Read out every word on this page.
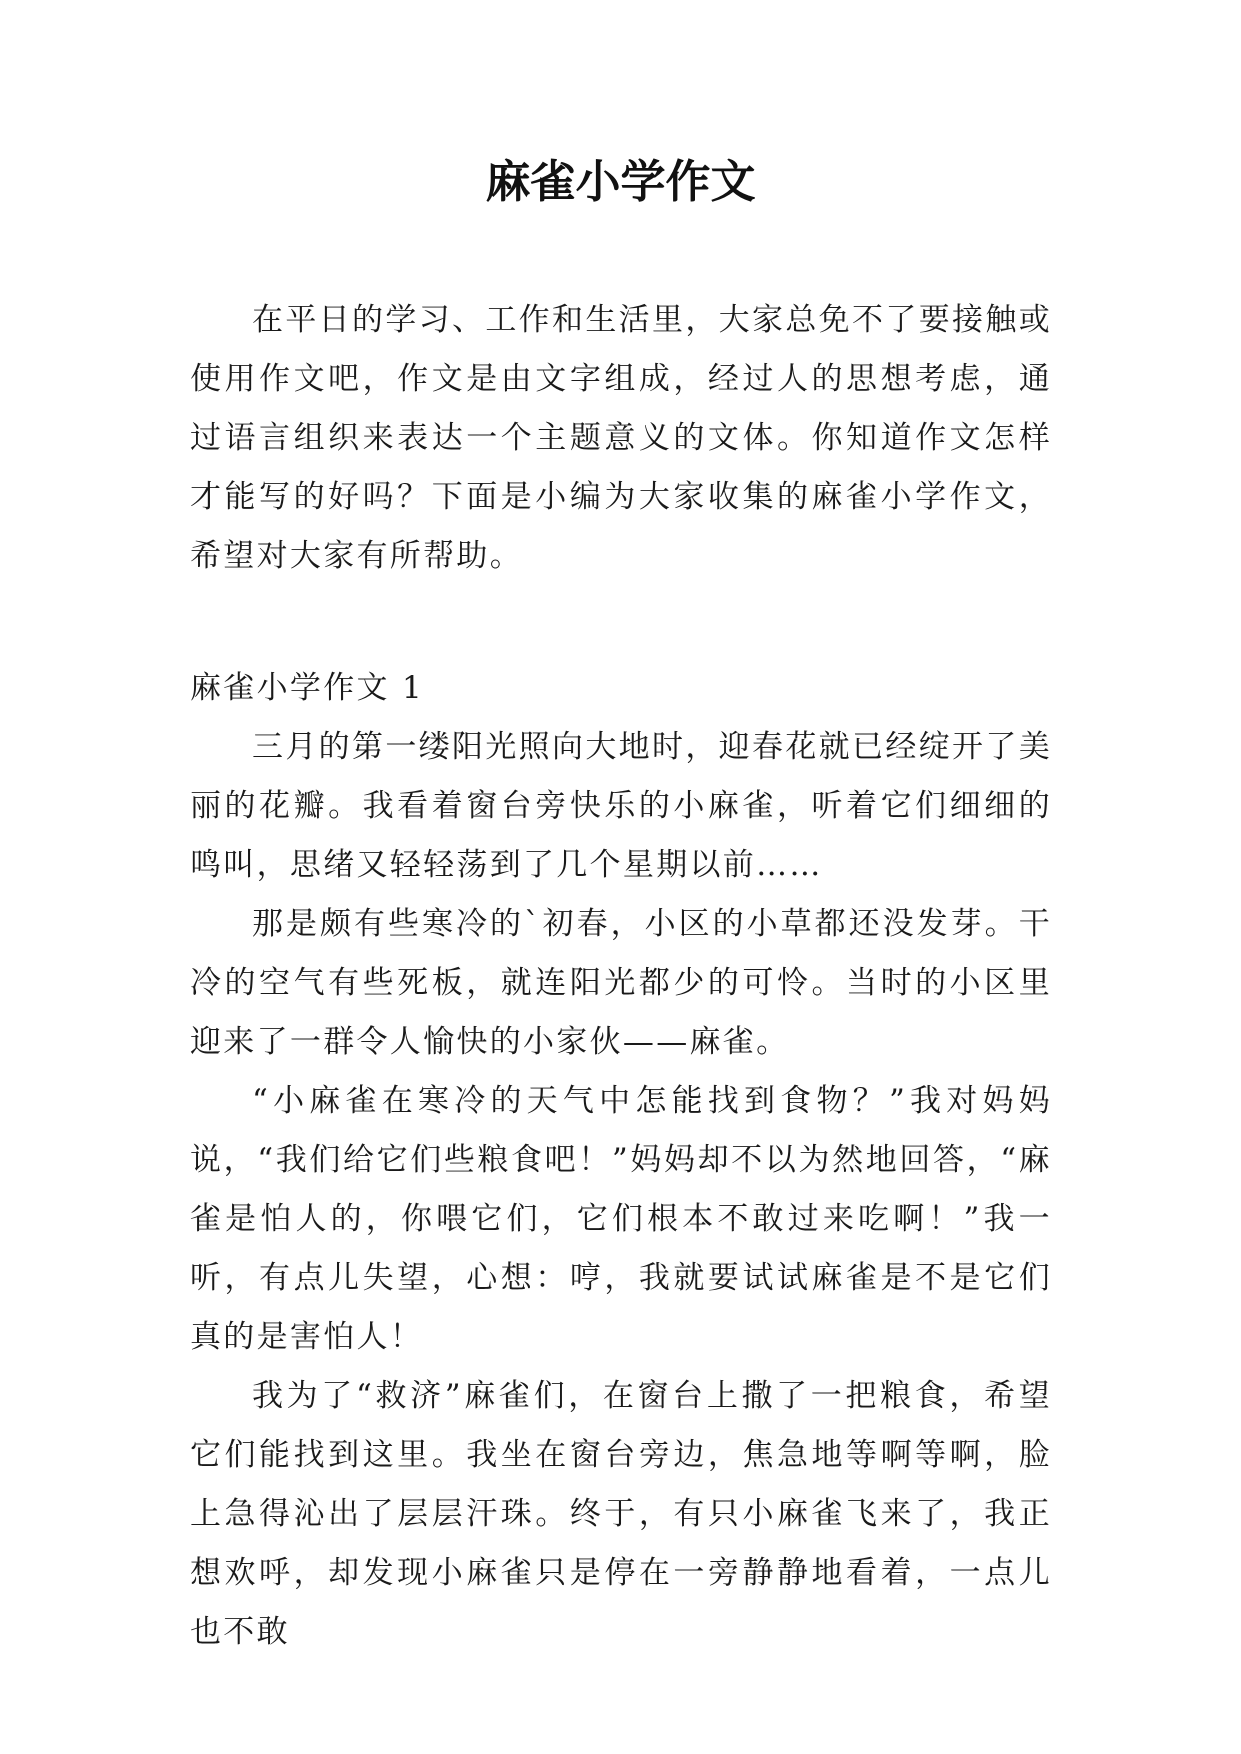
麻雀小学作文

在平日的学习、工作和生活里，大家总免不了要接触或使用作文吧，作文是由文字组成，经过人的思想考虑，通过语言组织来表达一个主题意义的文体。你知道作文怎样才能写的好吗？下面是小编为大家收集的麻雀小学作文，希望对大家有所帮助。

麻雀小学作文 1

三月的第一缕阳光照向大地时，迎春花就已经绽开了美丽的花瓣。我看着窗台旁快乐的小麻雀，听着它们细细的鸣叫，思绪又轻轻荡到了几个星期以前……

那是颇有些寒冷的`初春，小区的小草都还没发芽。干冷的空气有些死板，就连阳光都少的可怜。当时的小区里迎来了一群令人愉快的小家伙——麻雀。

“小麻雀在寒冷的天气中怎能找到食物？”我对妈妈说，“我们给它们些粮食吧！”妈妈却不以为然地回答，“麻雀是怕人的，你喂它们，它们根本不敢过来吃啊！”我一听，有点儿失望，心想：哼，我就要试试麻雀是不是它们真的是害怕人！

我为了“救济”麻雀们，在窗台上撒了一把粮食，希望它们能找到这里。我坐在窗台旁边，焦急地等啊等啊，脸上急得沁出了层层汗珠。终于，有只小麻雀飞来了，我正想欢呼，却发现小麻雀只是停在一旁静静地看着，一点儿也不敢
